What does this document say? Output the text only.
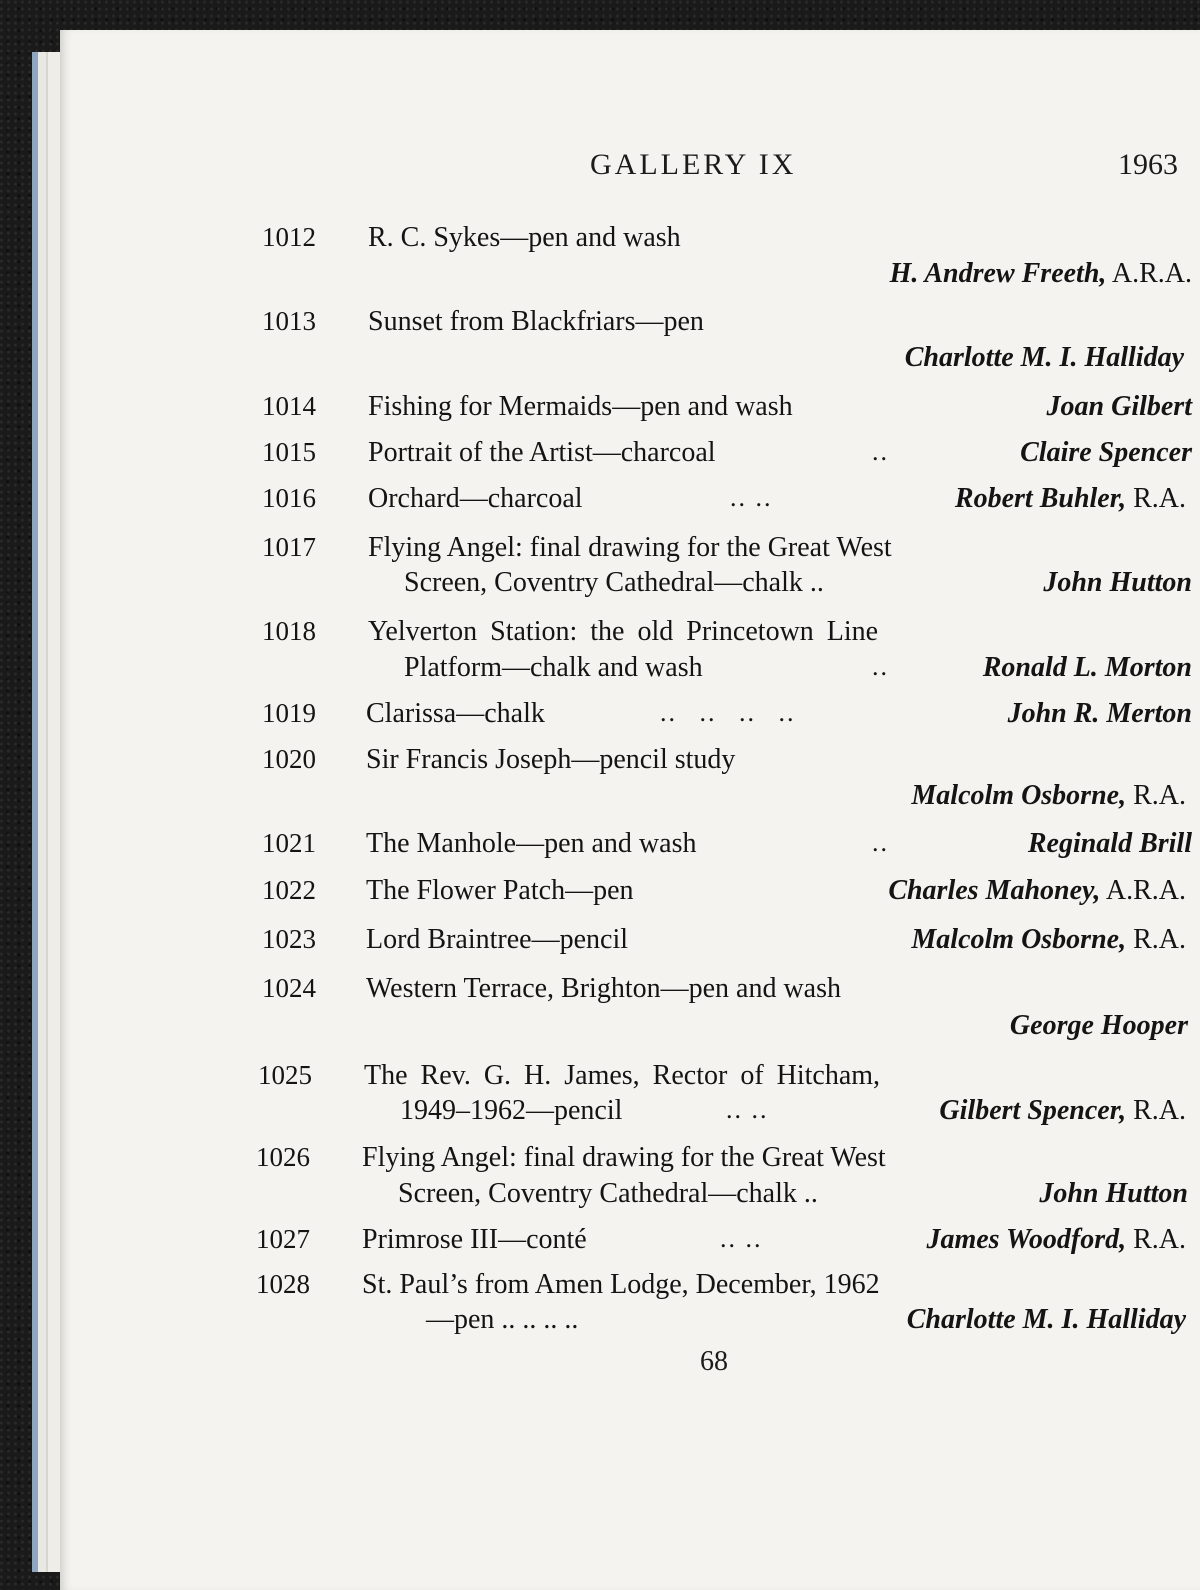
GALLERY IX	1963
1012 R. C. Sykes—pen and wash
H. Andrew Freeth, A.R.A.
1013 Sunset from Blackfriars—pen
Charlotte M. I. Halliday
1014 Fishing for Mermaids—pen and wash	Joan Gilbert
1015 Portrait of the Artist—charcoal	..	Claire Spencer
1016 Orchard—charcoal	.. ..	Robert Buhler, R.A.
1017 Flying Angel: final drawing for the Great West
Screen, Coventry Cathedral—chalk ..	John Hutton
1018 Yelverton Station: the old Princetown Line
Platform—chalk and wash	..	Ronald L. Morton
1019 Clarissa—chalk	.. .. .. ..	John R. Merton
1020 Sir Francis Joseph—pencil study
Malcolm Osborne, R.A.
1021 The Manhole—pen and wash	..	Reginald Brill
1022 The Flower Patch—pen	Charles Mahoney, A.R.A.
1023 Lord Braintree—pencil	Malcolm Osborne, R.A.
1024 Western Terrace, Brighton—pen and wash
George Hooper
1025 The Rev. G. H. James, Rector of Hitcham,
1949–1962—pencil	.. ..	Gilbert Spencer, R.A.
1026 Flying Angel: final drawing for the Great West
Screen, Coventry Cathedral—chalk ..	John Hutton
1027 Primrose III—conté	.. ..	James Woodford, R.A.
1028 St. Paul’s from Amen Lodge, December, 1962
—pen .. .. .. ..	Charlotte M. I. Halliday
68
